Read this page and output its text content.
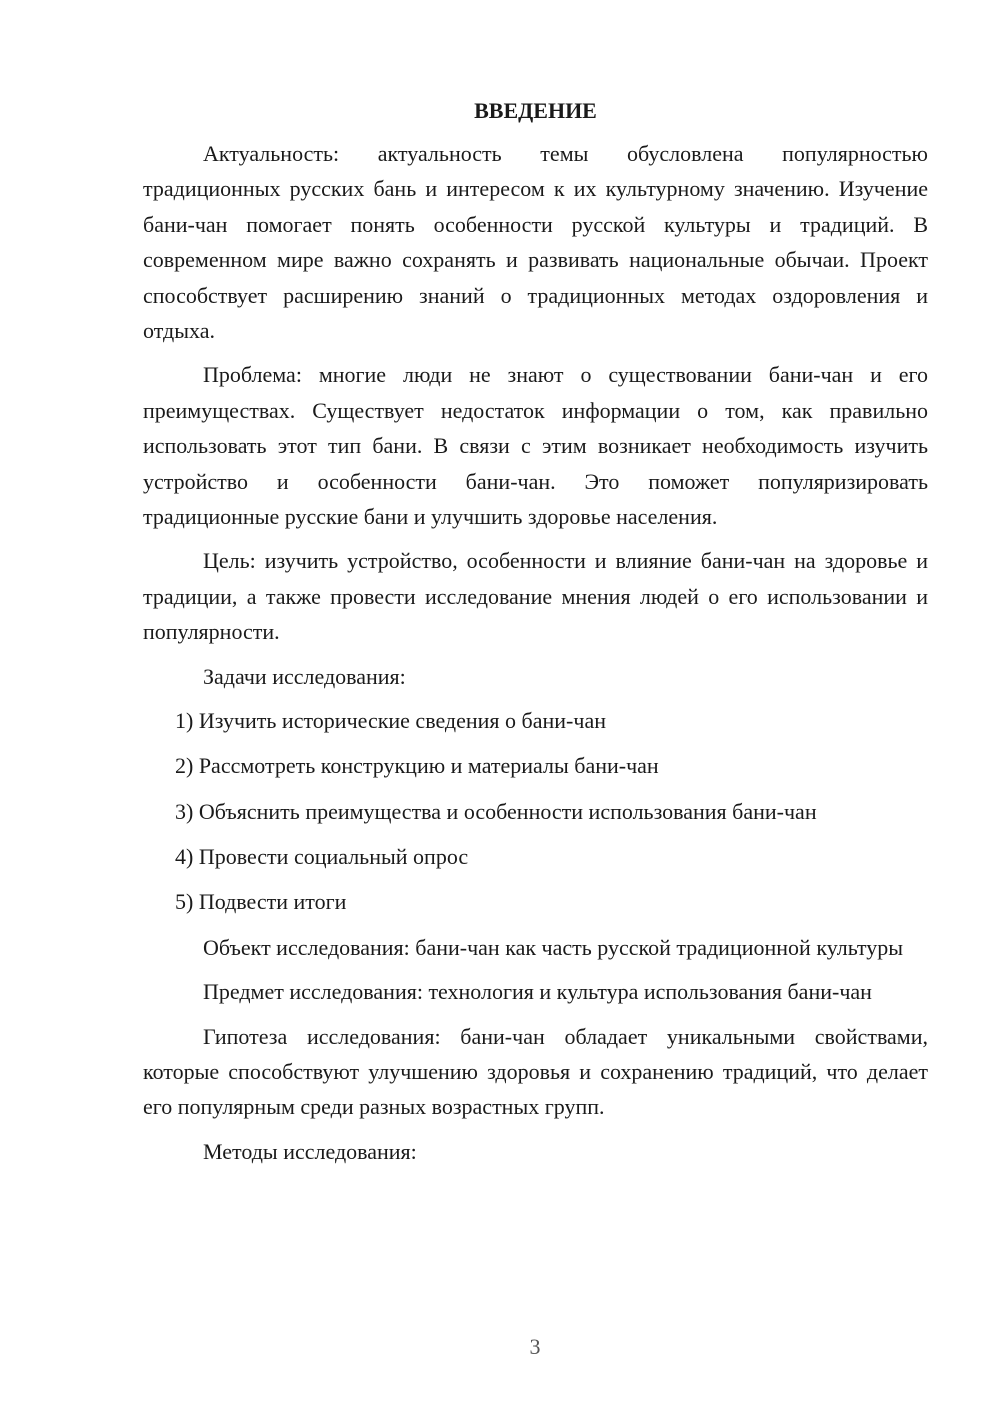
ВВЕДЕНИЕ

Актуальность: актуальность темы обусловлена популярностью традиционных русских бань и интересом к их культурному значению. Изучение бани-чан помогает понять особенности русской культуры и традиций. В современном мире важно сохранять и развивать национальные обычаи. Проект способствует расширению знаний о традиционных методах оздоровления и отдыха.

Проблема: многие люди не знают о существовании бани-чан и его преимуществах. Существует недостаток информации о том, как правильно использовать этот тип бани. В связи с этим возникает необходимость изучить устройство и особенности бани-чан. Это поможет популяризировать традиционные русские бани и улучшить здоровье населения.

Цель: изучить устройство, особенности и влияние бани-чан на здоровье и традиции, а также провести исследование мнения людей о его использовании и популярности.

Задачи исследования:

1) Изучить исторические сведения о бани-чан
2) Рассмотреть конструкцию и материалы бани-чан
3) Объяснить преимущества и особенности использования бани-чан
4) Провести социальный опрос
5) Подвести итоги

Объект исследования: бани-чан как часть русской традиционной культуры

Предмет исследования: технология и культура использования бани-чан

Гипотеза исследования: бани-чан обладает уникальными свойствами, которые способствуют улучшению здоровья и сохранению традиций, что делает его популярным среди разных возрастных групп.

Методы исследования:

3
